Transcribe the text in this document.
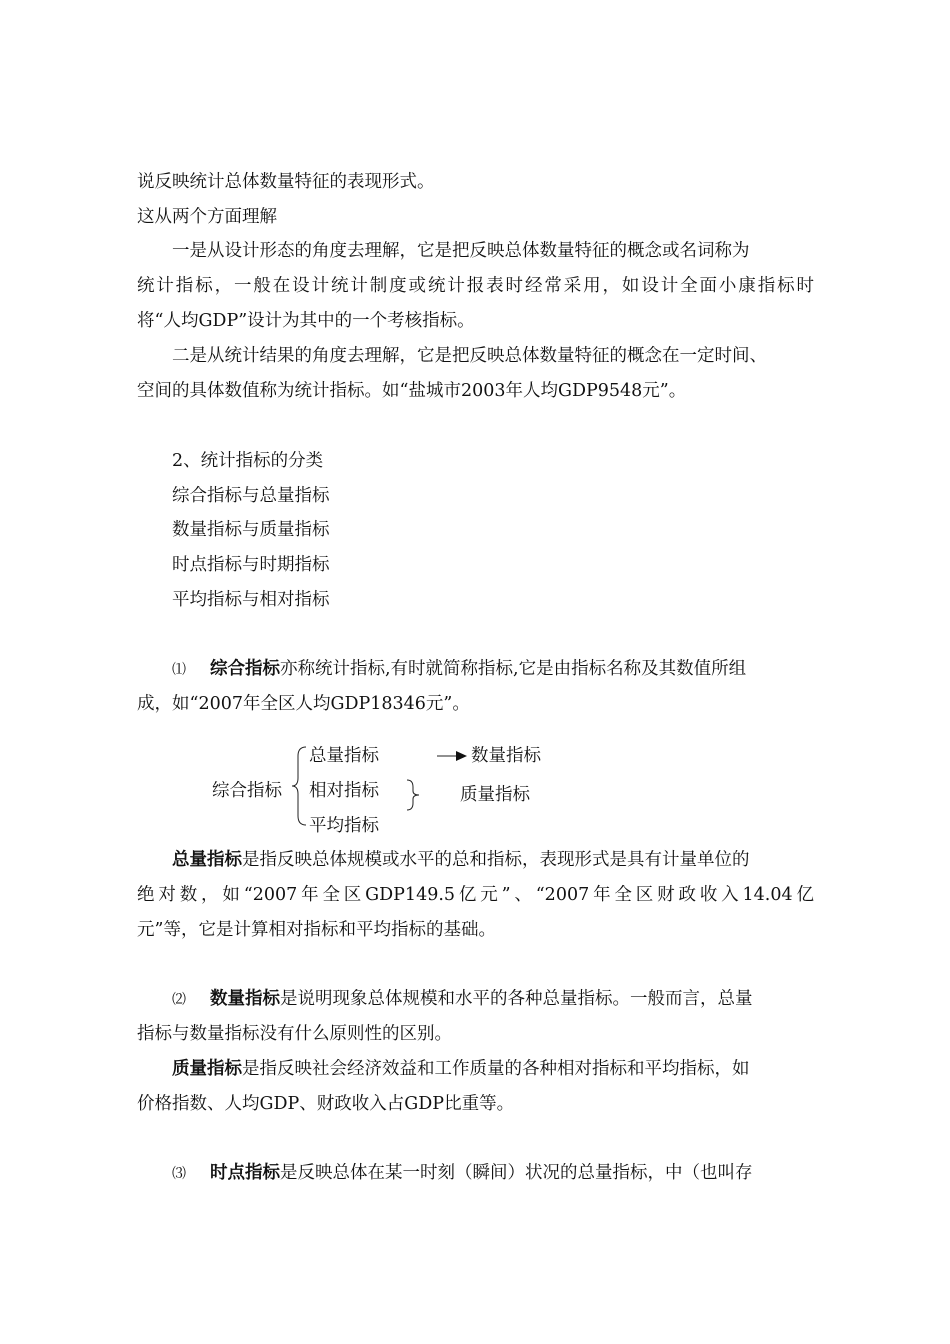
说反映统计总体数量特征的表现形式。
这从两个方面理解
一是从设计形态的角度去理解，它是把反映总体数量特征的概念或名词称为
统计指标，一般在设计统计制度或统计报表时经常采用，如设计全面小康指标时
将“人均GDP”设计为其中的一个考核指标。
二是从统计结果的角度去理解，它是把反映总体数量特征的概念在一定时间、
空间的具体数值称为统计指标。如“盐城市2003年人均GDP9548元”。
2、统计指标的分类
综合指标与总量指标
数量指标与质量指标
时点指标与时期指标
平均指标与相对指标
⑴ 综合指标亦称统计指标,有时就简称指标,它是由指标名称及其数值所组
成，如“2007年全区人均GDP18346元”。
综合指标
总量指标
相对指标
平均指标
数量指标
质量指标
总量指标是指反映总体规模或水平的总和指标，表现形式是具有计量单位的
绝对数，如“2007年全区GDP149.5亿元”、“2007年全区财政收入14.04亿
元”等，它是计算相对指标和平均指标的基础。
⑵ 数量指标是说明现象总体规模和水平的各种总量指标。一般而言，总量
指标与数量指标没有什么原则性的区别。
质量指标是指反映社会经济效益和工作质量的各种相对指标和平均指标，如
价格指数、人均GDP、财政收入占GDP比重等。
⑶ 时点指标是反映总体在某一时刻（瞬间）状况的总量指标，中（也叫存
